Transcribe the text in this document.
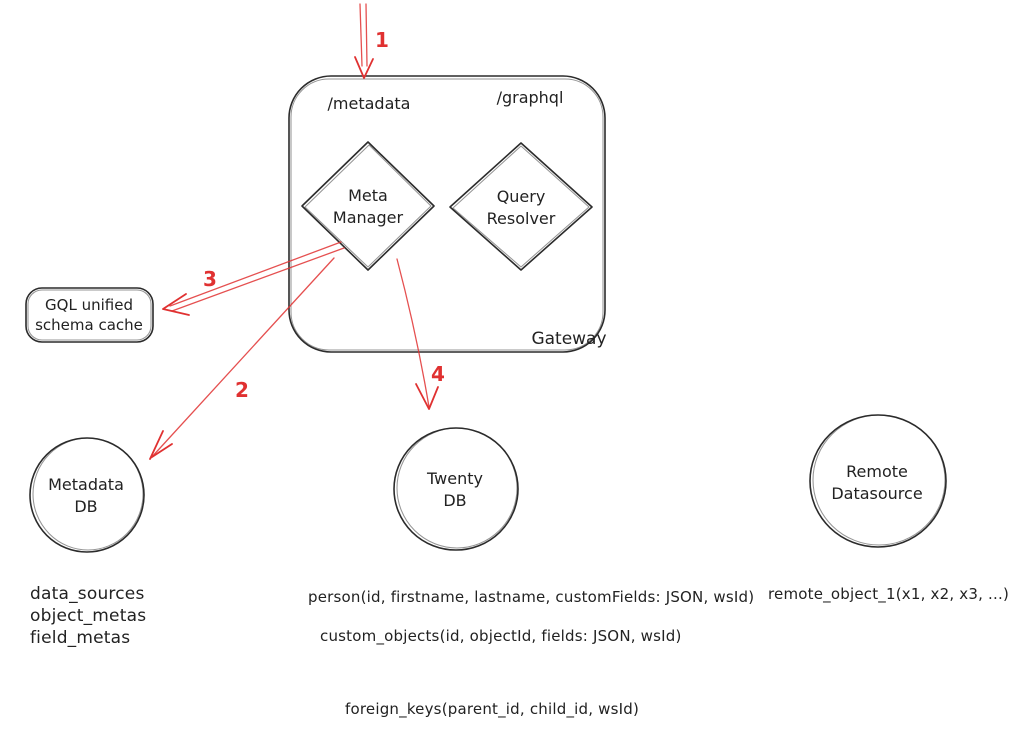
/metadata	/graphql
Gateway
Meta
Manager
Query
Resolver
GQL unified
schema cache
Metadata
DB
Twenty
DB
Remote
Datasource
data_sources
object_metas
field_metas
person(id, firstname, lastname, customFields: JSON, wsId)
custom_objects(id, objectId, fields: JSON, wsId)
foreign_keys(parent_id, child_id, wsId)
remote_object_1(x1, x2, x3, ...)
1
3
2
4
